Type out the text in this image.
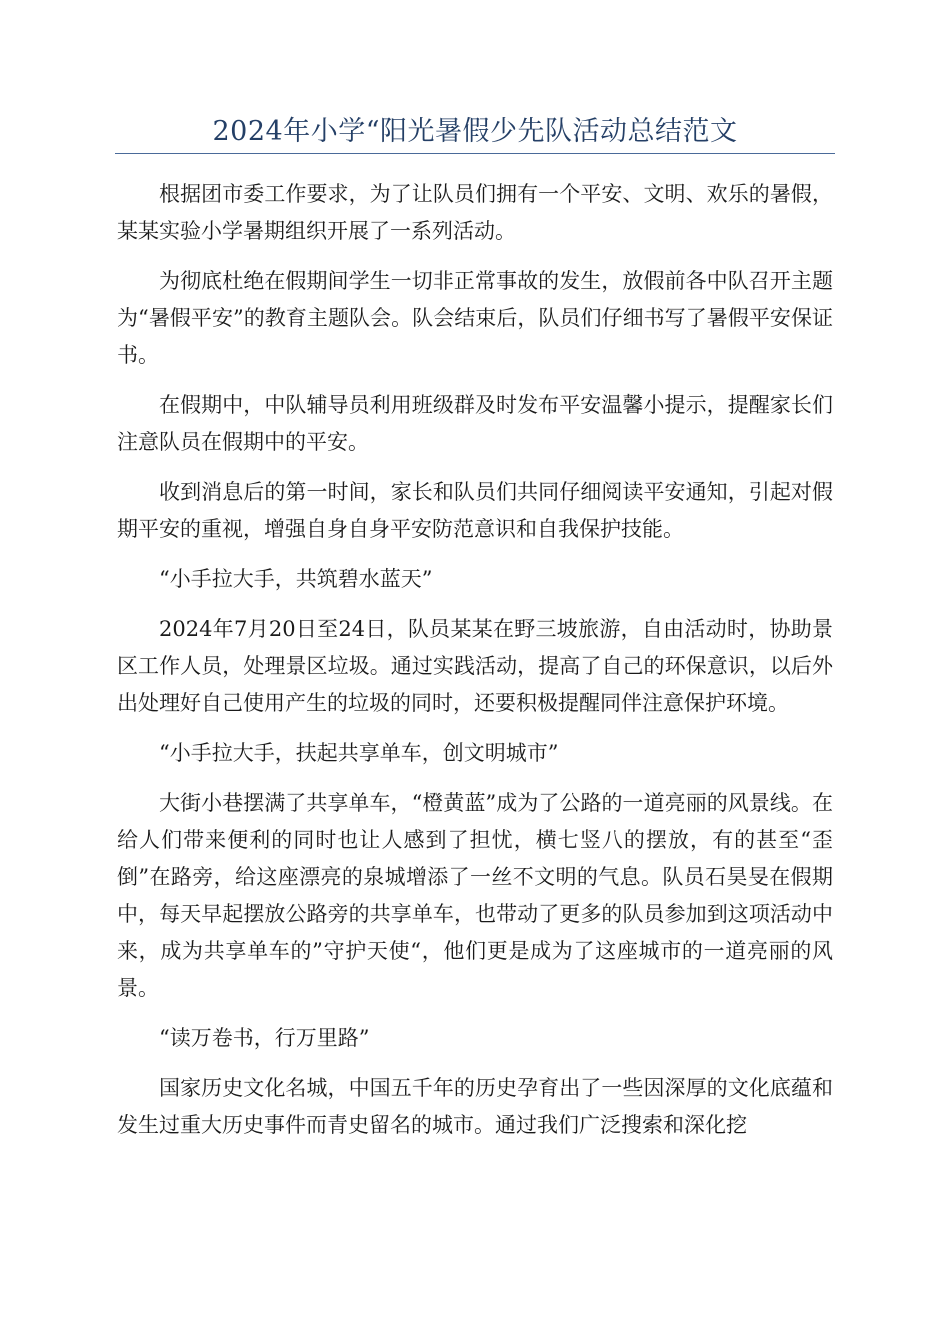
2024年小学“阳光暑假少先队活动总结范文

根据团市委工作要求，为了让队员们拥有一个平安、文明、欢乐的暑假，某某实验小学暑期组织开展了一系列活动。

为彻底杜绝在假期间学生一切非正常事故的发生，放假前各中队召开主题为“暑假平安”的教育主题队会。队会结束后，队员们仔细书写了暑假平安保证书。

在假期中，中队辅导员利用班级群及时发布平安温馨小提示，提醒家长们注意队员在假期中的平安。

收到消息后的第一时间，家长和队员们共同仔细阅读平安通知，引起对假期平安的重视，增强自身自身平安防范意识和自我保护技能。

“小手拉大手，共筑碧水蓝天”

2024年7月20日至24日，队员某某在野三坡旅游，自由活动时，协助景区工作人员，处理景区垃圾。通过实践活动，提高了自己的环保意识，以后外出处理好自己使用产生的垃圾的同时，还要积极提醒同伴注意保护环境。

“小手拉大手，扶起共享单车，创文明城市”

大街小巷摆满了共享单车，“橙黄蓝”成为了公路的一道亮丽的风景线。在给人们带来便利的同时也让人感到了担忧，横七竖八的摆放，有的甚至“歪倒”在路旁，给这座漂亮的泉城增添了一丝不文明的气息。队员石昊旻在假期中，每天早起摆放公路旁的共享单车，也带动了更多的队员参加到这项活动中来，成为共享单车的”守护天使“，他们更是成为了这座城市的一道亮丽的风景。

“读万卷书，行万里路”

国家历史文化名城，中国五千年的历史孕育出了一些因深厚的文化底蕴和发生过重大历史事件而青史留名的城市。通过我们广泛搜索和深化挖
